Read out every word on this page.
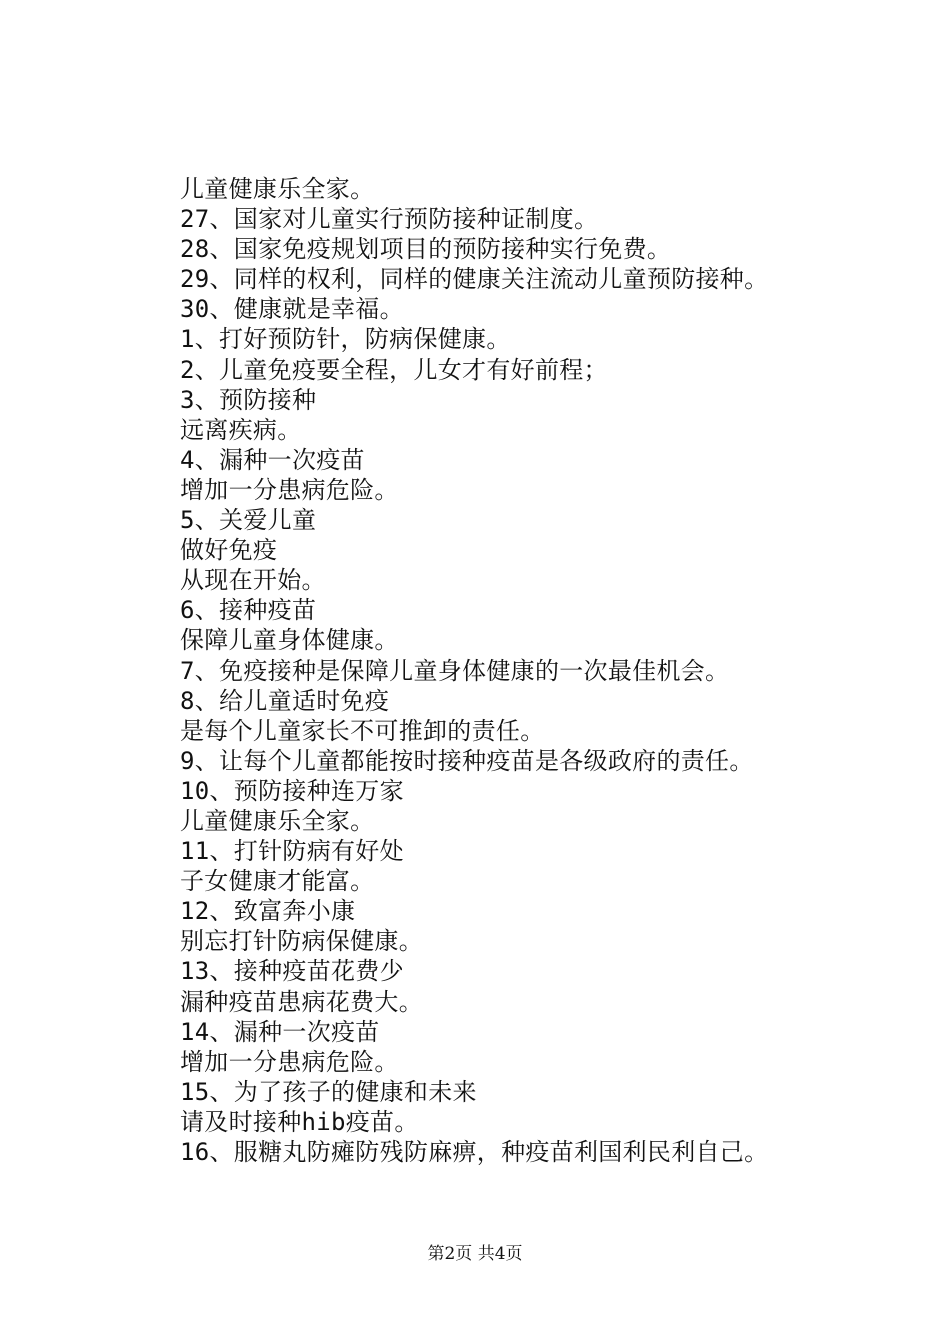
儿童健康乐全家。
27、国家对儿童实行预防接种证制度。
28、国家免疫规划项目的预防接种实行免费。
29、同样的权利，同样的健康关注流动儿童预防接种。
30、健康就是幸福。
1、打好预防针，防病保健康。
2、儿童免疫要全程，儿女才有好前程；
3、预防接种
远离疾病。
4、漏种一次疫苗
增加一分患病危险。
5、关爱儿童
做好免疫
从现在开始。
6、接种疫苗
保障儿童身体健康。
7、免疫接种是保障儿童身体健康的一次最佳机会。
8、给儿童适时免疫
是每个儿童家长不可推卸的责任。
9、让每个儿童都能按时接种疫苗是各级政府的责任。
10、预防接种连万家
儿童健康乐全家。
11、打针防病有好处
子女健康才能富。
12、致富奔小康
别忘打针防病保健康。
13、接种疫苗花费少
漏种疫苗患病花费大。
14、漏种一次疫苗
增加一分患病危险。
15、为了孩子的健康和未来
请及时接种hib疫苗。
16、服糖丸防瘫防残防麻痹，种疫苗利国利民利自己。
第2页 共4页
